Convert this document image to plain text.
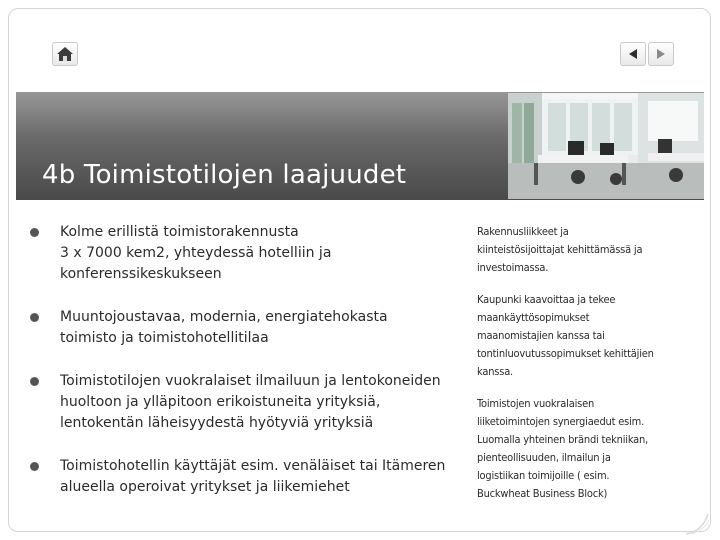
4b Toimistotilojen laajuudet
Kolme erillistä toimistorakennusta
3 x 7000 kem2, yhteydessä hotelliin ja
konferenssikeskukseen
Muuntojoustavaa, modernia, energiatehokasta
toimisto ja toimistohotellitilaa
Toimistotilojen vuokralaiset ilmailuun ja lentokoneiden
huoltoon ja ylläpitoon erikoistuneita yrityksiä,
lentokentän läheisyydestä hyötyviä yrityksiä
Toimistohotellin käyttäjät esim. venäläiset tai Itämeren
alueella operoivat yritykset ja liikemiehet
Rakennusliikkeet ja
kiinteistösijoittajat kehittämässä ja
investoimassa.
Kaupunki kaavoittaa ja tekee
maankäyttösopimukset
maanomistajien kanssa tai
tontinluovutussopimukset kehittäjien
kanssa.
Toimistojen vuokralaisen
liiketoimintojen synergiaedut esim.
Luomalla yhteinen brändi tekniikan,
pienteollisuuden, ilmailun ja
logistiikan toimijoille ( esim.
Buckwheat Business Block)
